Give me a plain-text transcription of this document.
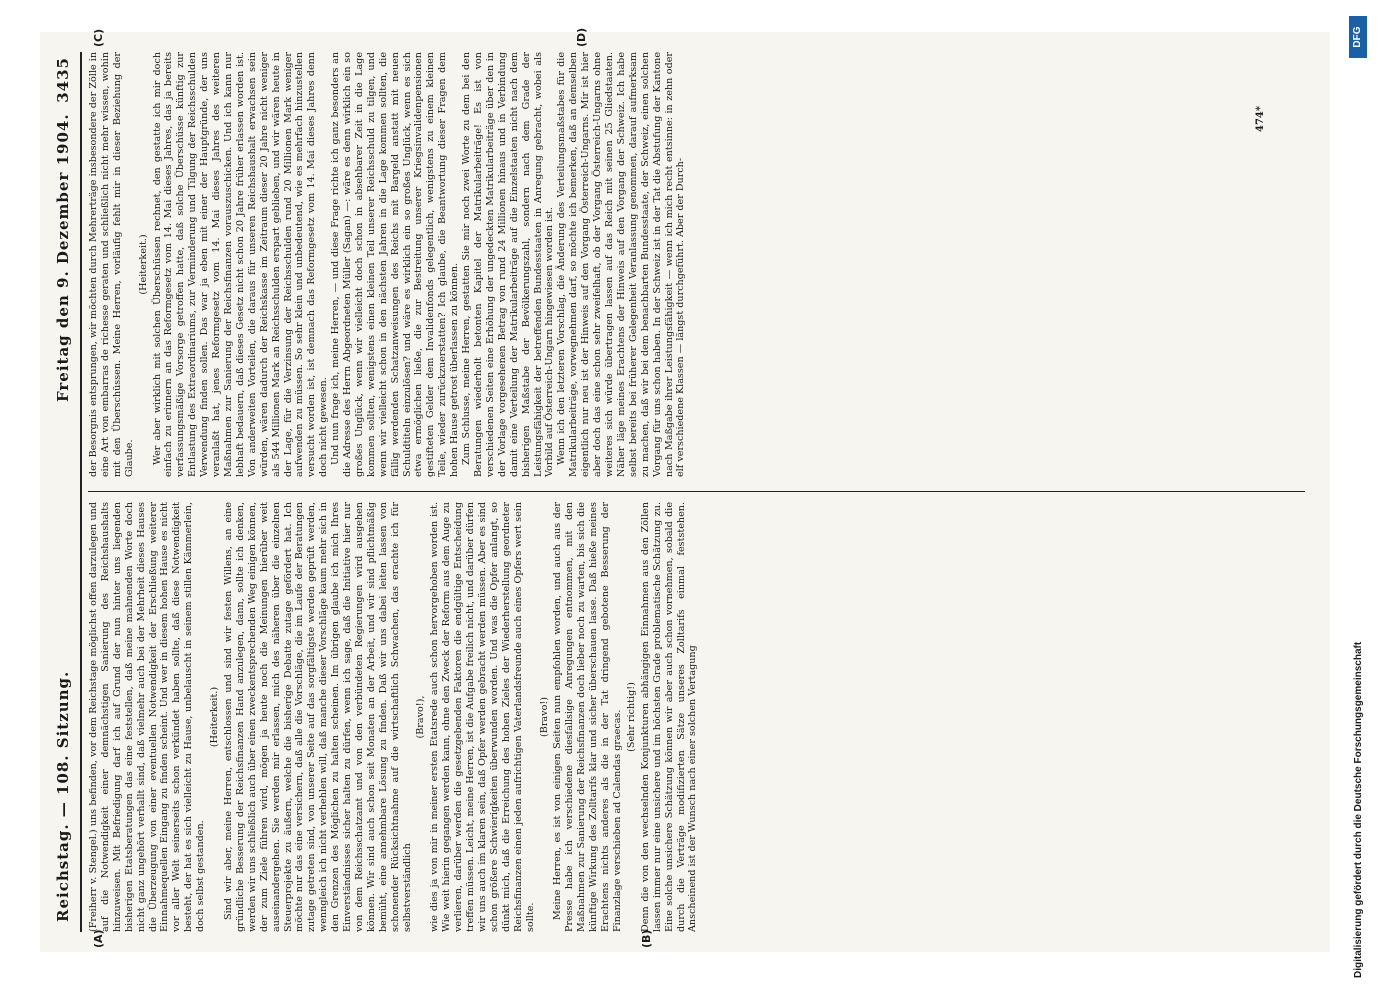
Reichstag. — 108. Sitzung.
Freitag den 9. Dezember 1904.
3435
(A)	(B)
(C)	(D)

(Freiherr v. Stengel.) uns befinden, vor dem Reichstage möglichst offen darzulegen und auf die Notwendigkeit einer demnächstigen Sanierung des Reichshaushalts hinzuweisen. Mit Befriedigung darf ich auf Grund der nun hinter uns liegenden bisherigen Etatsberatungen das eine feststellen, daß meine mahnenden Worte doch nicht ganz ungehört verhallt sind, daß vielmehr auch bei der Mehrheit dieses Hauses die Überzeugung von einer eventuellen Notwendigkeit der Erschließung weiterer Einnahmequellen Eingang zu finden scheint. Und wer in diesem hohen Hause es nicht vor aller Welt seinerseits schon verkündet haben sollte, daß diese Notwendigkeit besteht, der hat es sich vielleicht zu Hause, unbelauscht in seinem stillen Kämmerlein, doch selbst gestanden.

(Heiterkeit.) Sind wir aber, meine Herren, entschlossen und sind wir festen Willens, an eine gründliche Besserung der Reichsfinanzen Hand anzulegen, dann, sollte ich denken, werden wir uns schließlich auch über einen zweckentsprechenden Weg einigen können, der zum Ziele führen wird, mögen ja heute noch die Meinungen hierüber weit auseinandergehen. Sie werden mir erlassen, mich des näheren über die einzelnen Steuerprojekte zu äußern, welche die bisherige Debatte zutage gefördert hat. Ich möchte nur das eine versichern, daß alle die Vorschläge, die im Laufe der Beratungen zutage getreten sind, von unserer Seite auf das sorgfältigste werden geprüft werden, wenngleich ich nicht verhehlen will, daß manche dieser Vorschläge kaum mehr sich in den Grenzen des Möglichen zu halten scheinen. Im übrigen glaube ich mich Ihres Einverständnisses sicher halten zu dürfen, wenn ich sage, daß die Initiative hier nur von dem Reichsschatzamt und von den verbündeten Regierungen wird ausgehen können. Wir sind auch schon seit Monaten an der Arbeit, und wir sind pflichtmäßig bemüht, eine annehmbare Lösung zu finden. Daß wir uns dabei leiten lassen von schonender Rücksichtnahme auf die wirtschaftlich Schwachen, das erachte ich für selbstverständlich

(Bravo!), wie dies ja von mir in meiner ersten Etatsrede auch schon hervorgehoben worden ist. Wie weit hierin gegangen werden kann, ohne den Zweck der Reform aus dem Auge zu verlieren, darüber werden die gesetzgebenden Faktoren die endgültige Entscheidung treffen müssen. Leicht, meine Herren, ist die Aufgabe freilich nicht, und darüber dürfen wir uns auch im klaren sein, daß Opfer werden gebracht werden müssen. Aber es sind schon größere Schwierigkeiten überwunden worden. Und was die Opfer anlangt, so dünkt mich, daß die Erreichung des hohen Zieles der Wiederherstellung geordneter Reichsfinanzen einen jeden aufrichtigen Vaterlandsfreunde auch eines Opfers wert sein sollte.

(Bravo!) Meine Herren, es ist von einigen Seiten nun empfohlen worden, und auch aus der Presse habe ich verschiedene diesfallsige Anregungen entnommen, mit den Maßnahmen zur Sanierung der Reichsfinanzen doch lieber noch zu warten, bis sich die künftige Wirkung des Zolltarifs klar und sicher überschauen lasse. Daß hieße meines Erachtens nichts anderes als die in der Tat dringend gebotene Besserung der Finanzlage verschieben ad Calendas graecas. (Sehr richtig!) Denn die von den wechselnden Konjunkturen abhängigen Einnahmen aus den Zöllen lassen immer nur eine unsichere und im höchsten Grade problematische Schätzung zu. Eine solche unsichere Schätzung können wir aber auch schon vornehmen, sobald die durch die Verträge modifizierten Sätze unseres Zolltarifs einmal feststehen. Anscheinend ist der Wunsch nach einer solchen Vertagung

der Besorgnis entsprungen, wir möchten durch Mehrerträge insbesondere der Zölle in eine Art von embarras de richesse geraten und schließlich nicht mehr wissen, wohin mit den Überschüssen. Meine Herren, vorläufig fehlt mir in dieser Beziehung der Glaube.

(Heiterkeit.) Wer aber wirklich mit solchen Überschüssen rechnet, den gestatte ich mir doch einfach zu erinnern an das Reformgesetz vom 14. Mai dieses Jahres, das ja bereits verfassungsmäßige Vorsorge getroffen hatte, daß solche Überschüsse künftig zur Entlastung des Extraordinariums, zur Verminderung und Tilgung der Reichsschulden Verwendung finden sollen. Das war ja eben mit einer der Hauptgründe, der uns veranlaßt hat, jenes Reformgesetz vom 14. Mai dieses Jahres des weiteren Maßnahmen zur Sanierung der Reichsfinanzen vorauszuschicken. Und ich kann nur lebhaft bedauern, daß dieses Gesetz nicht schon 20 Jahre früher erlassen worden ist. Von anderweiten Vorteilen, die daraus für unseren Reichshaushalt erwachsen sein würden, wären dadurch der Reichskasse im Zeitraum dieser 20 Jahre nicht weniger als 544 Millionen Mark an Reichsschulden erspart geblieben, und wir wären heute in der Lage, für die Verzinsung der Reichsschulden rund 20 Millionen Mark weniger aufwenden zu müssen. So sehr klein und unbedeutend, wie es mehrfach hinzustellen versucht worden ist, ist demnach das Reformgesetz vom 14. Mai dieses Jahres denn doch nicht gewesen. Und nun frage ich, meine Herren, — und diese Frage richte ich ganz besonders an die Adresse des Herrn Abgeordneten Müller (Sagan) —: wäre es denn wirklich ein so großes Unglück, wenn wir vielleicht doch schon in absehbarer Zeit in die Lage kommen sollten, wenigstens einen kleinen Teil unserer Reichsschuld zu tilgen, und wenn wir vielleicht schon in den nächsten Jahren in die Lage kommen sollten, die fällig werdenden Schatzanweisungen des Reichs mit Bargeld anstatt mit neuen Schuldtiteln einzulösen? und wäre es wirklich ein so großes Unglück, wenn es sich etwa ermöglichen ließe, die zur Bestreitung unserer Kriegsinvalidenpensionen gestifteten Gelder dem Invalidenfonds gelegentlich, wenigstens zu einem kleinen Teile, wieder zurückzuerstatten? Ich glaube, die Beantwortung dieser Fragen dem hohen Hause getrost überlassen zu können. Zum Schlusse, meine Herren, gestatten Sie mir noch zwei Worte zu dem bei den Beratungen wiederholt betonten Kapitel der Matrikularbeiträge! Es ist von verschiedenen Seiten eine Erhöhung der ungedeckten Matrikularbeiträge über den in der Vorlage vorgesehenen Betrag von rund 24 Millionen hinaus und in Verbindung damit eine Verteilung der Matrikularbeiträge auf die Einzelstaaten nicht nach dem bisherigen Maßstabe der Bevölkerungszahl, sondern nach dem Grade der Leistungsfähigkeit der betreffenden Bundesstaaten in Anregung gebracht, wobei als Vorbild auf Österreich-Ungarn hingewiesen worden ist. Wenn ich den letzteren Vorschlag, die Änderung des Verteilungsmaßstabes für die Matrikularbeiträge, vorwegnehmen darf, so möchte ich bemerken, daß an demselben eigentlich nur neu ist der Hinweis auf den Vorgang Österreich-Ungarns. Mir ist hier aber doch das eine schon sehr zweifelhaft, ob der Vorgang Österreich-Ungarns ohne weiteres sich würde übertragen lassen auf das Reich mit seinen 25 Gliedstaaten. Näher läge meines Erachtens der Hinweis auf den Vorgang der Schweiz. Ich habe selbst bereits bei früherer Gelegenheit Veranlassung genommen, darauf aufmerksam zu machen, daß wir bei dem benachbarten Bundesstaate, der Schweiz, einen solchen Vorgang für uns schon haben. In der Schweiz ist in der Tat die Abstufung der Kantone nach Maßgabe ihrer Leistungsfähigkeit — wenn ich mich recht entsinne: in zehn oder elf verschiedene Klassen — längst durchgeführt. Aber der Durch-

474*
Digitalisierung gefördert durch die Deutsche Forschungsgemeinschaft
DFG
